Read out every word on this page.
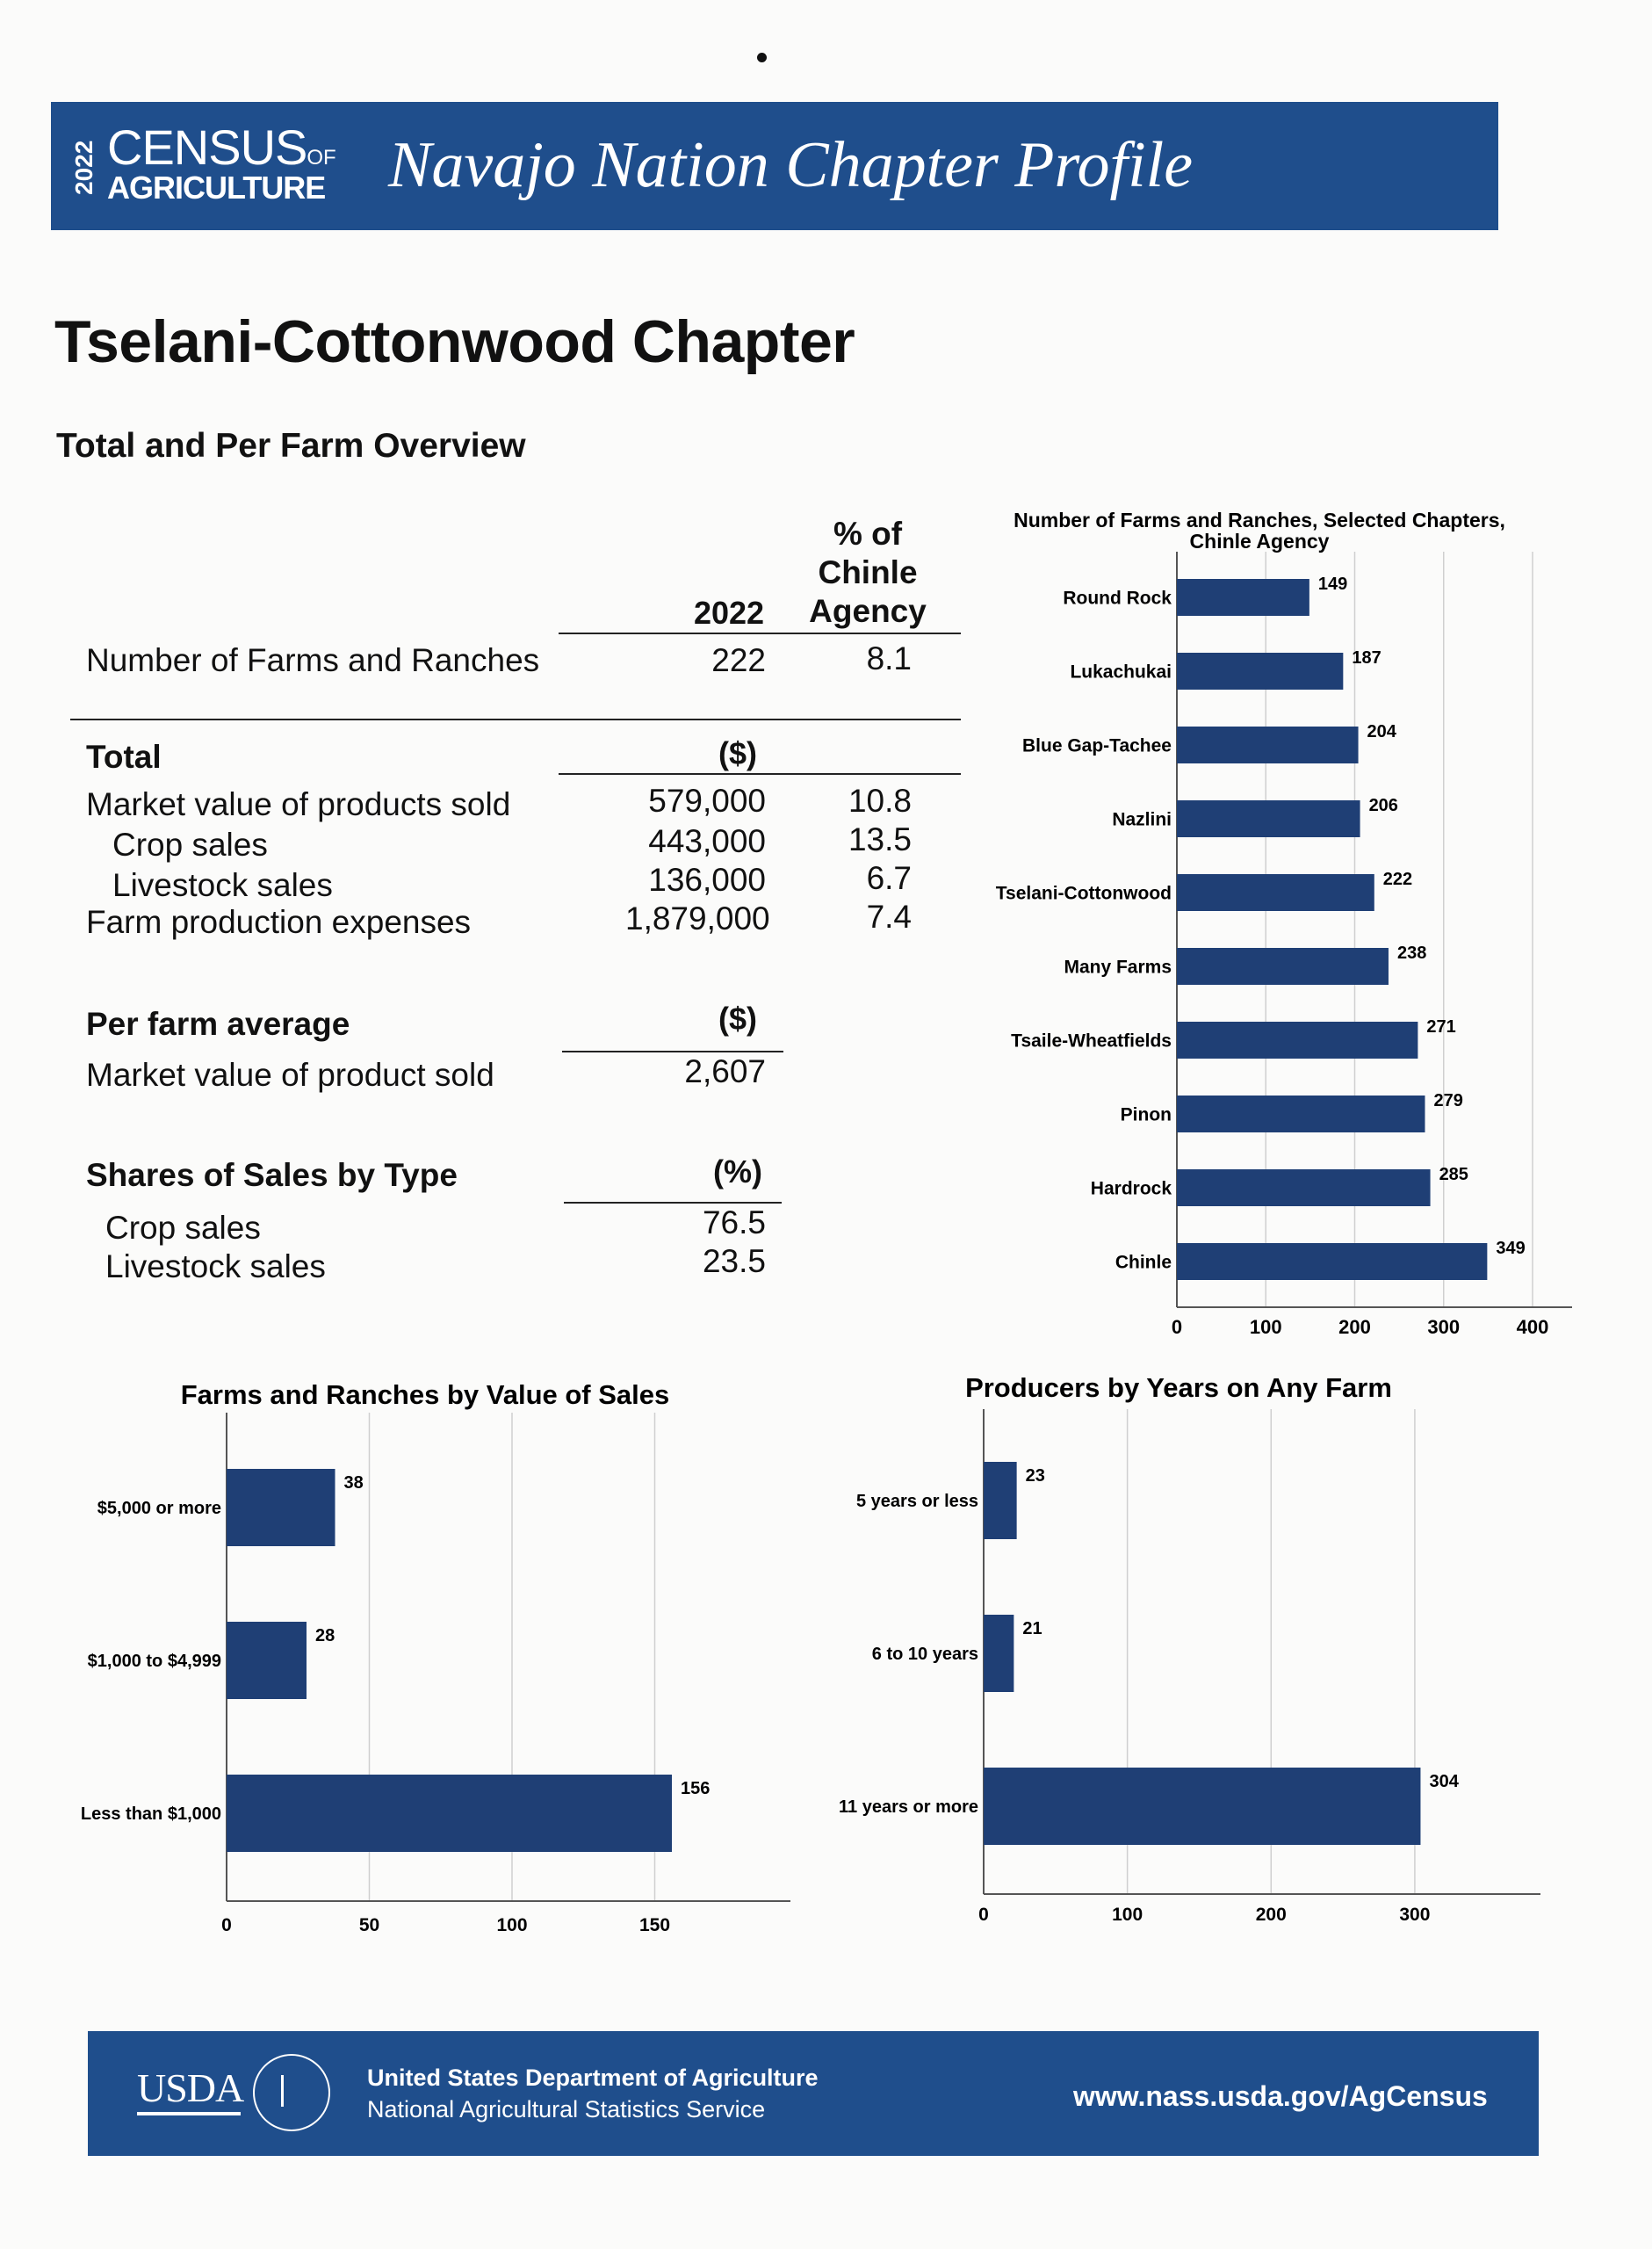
2022 CENSUSOF
AGRICULTURE Navajo Nation Chapter Profile
Tselani-Cottonwood Chapter
Total and Per Farm Overview
2022
% of Chinle Agency
Number of Farms and Ranches	222	8.1
Total	($)
Market value of products sold	579,000	10.8
Crop sales	443,000	13.5
Livestock sales	136,000	6.7
Farm production expenses	1,879,000	7.4
Per farm average	($)
Market value of product sold	2,607
Shares of Sales by Type	(%)
Crop sales	76.5
Livestock sales	23.5
Number of Farms and Ranches, Selected Chapters,
Chinle Agency
Round Rock
149
Lukachukai
187
Blue Gap-Tachee
204
Nazlini
206
Tselani-Cottonwood
222
Many Farms
238
Tsaile-Wheatfields
271
Pinon
279
Hardrock
285
Chinle
349
0	100	200	300	400
Farms and Ranches by Value of Sales
$5,000 or more
38
$1,000 to $4,999
28
Less than $1,000
156
0	50	100	150
Producers by Years on Any Farm
5 years or less
23
6 to 10 years
21
11 years or more
304
0	100	200	300
USDA	United States Department of Agriculture
National Agricultural Statistics Service	www.nass.usda.gov/AgCensus
